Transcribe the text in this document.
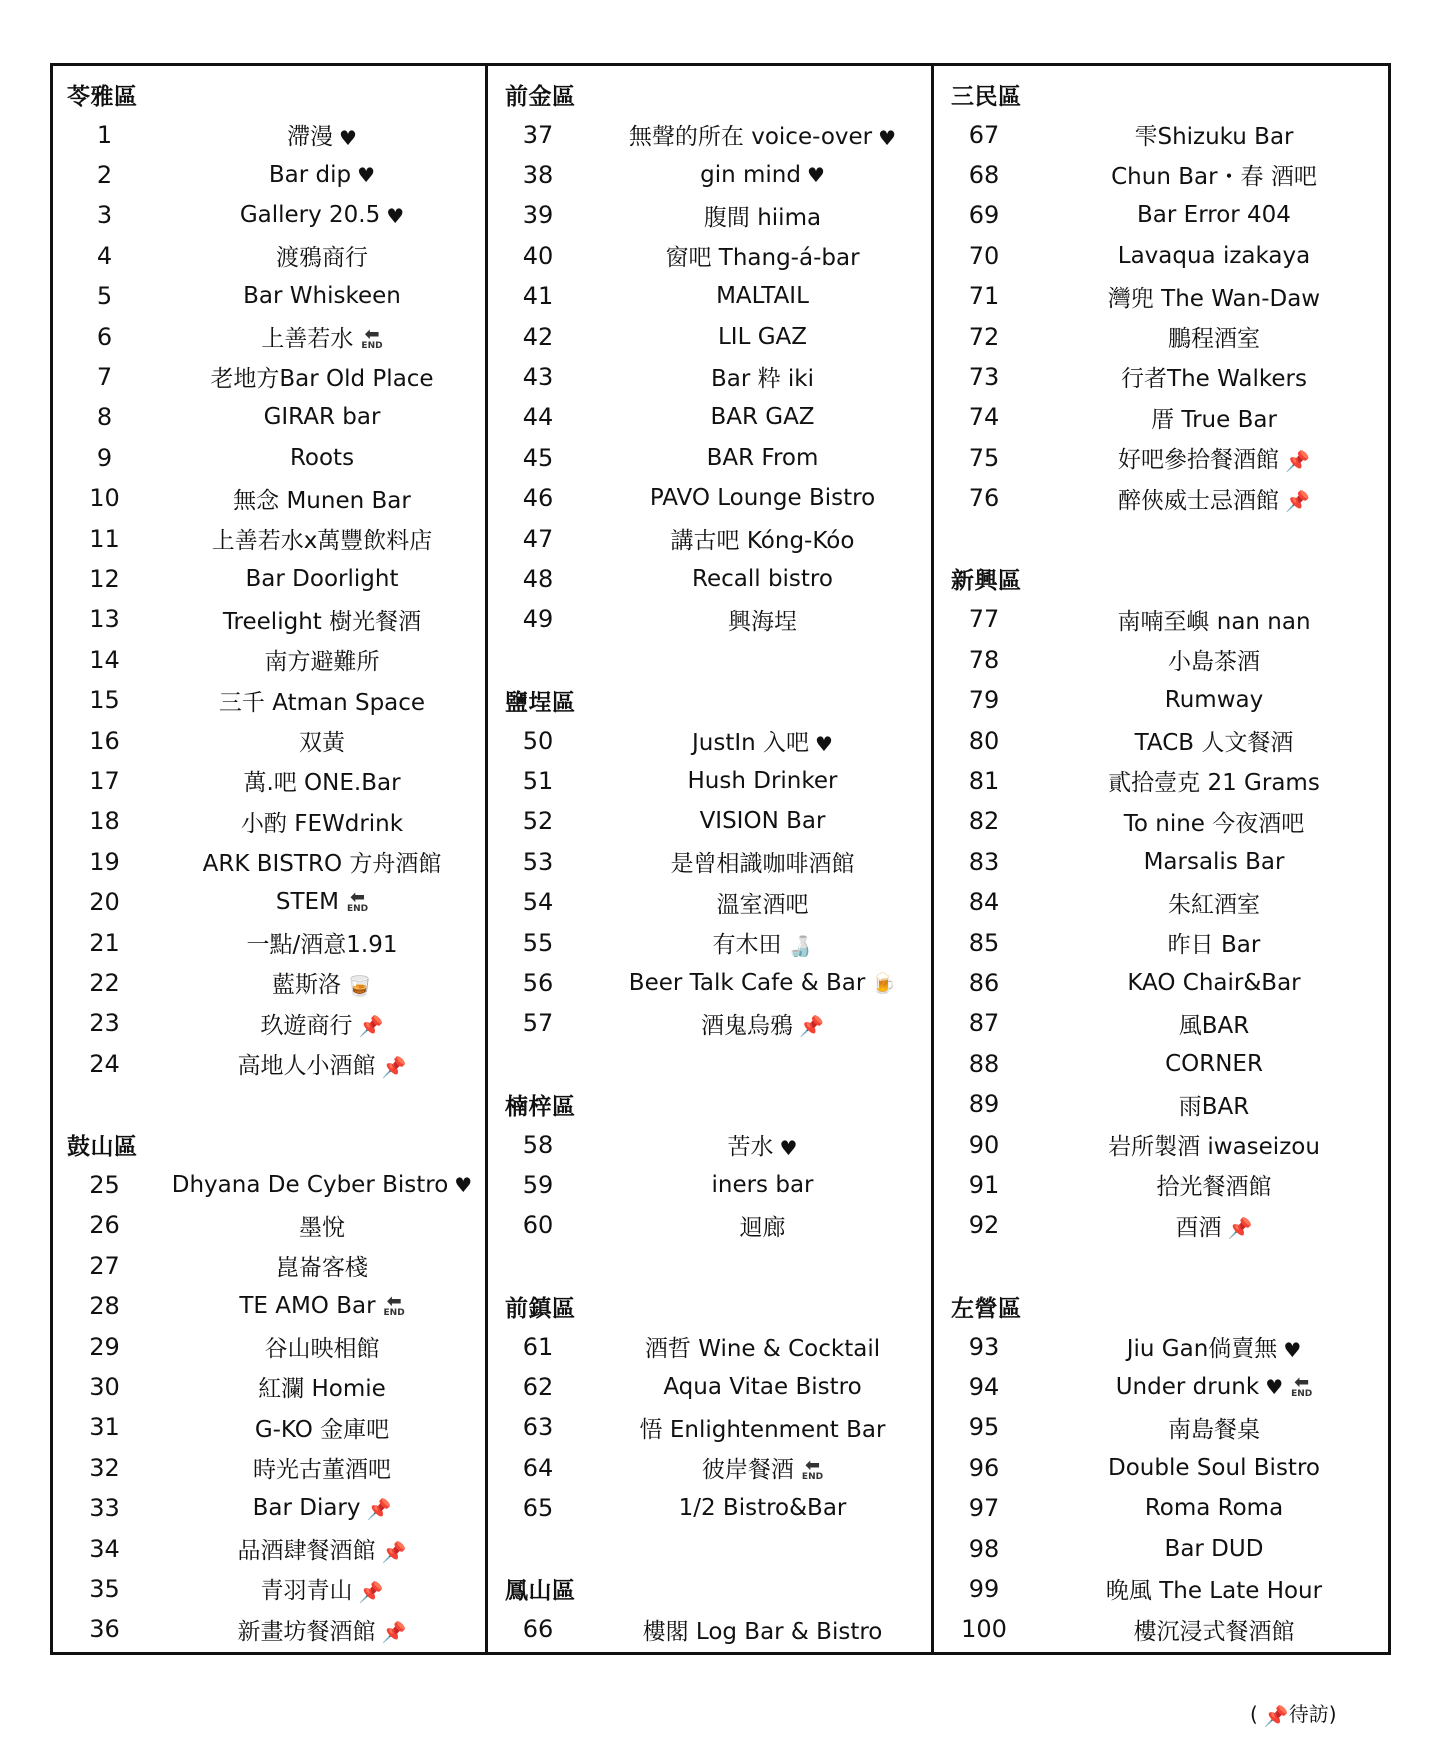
苓雅區
1	滯漫 ♥
2	Bar dip ♥
3	Gallery 20.5 ♥
4	渡鴉商行
5	Bar Whiskeen
6	上善若水 ⬅
END
7	老地方Bar Old Place
8	GIRAR bar
9	Roots
10	無念 Munen Bar
11	上善若水x萬豐飲料店
12	Bar Doorlight
13	Treelight 樹光餐酒
14	南方避難所
15	三千 Atman Space
16	双黃
17	萬.吧 ONE.Bar
18	小酌 FEWdrink
19	ARK BISTRO 方舟酒館
20	STEM ⬅
END
21	一點/酒意1.91
22	藍斯洛 🥃
23	玖遊商行 📌
24	高地人小酒館 📌
鼓山區
25	Dhyana De Cyber Bistro ♥
26	墨悅
27	崑崙客棧
28	TE AMO Bar ⬅
END
29	谷山映相館
30	紅瀾 Homie
31	G-KO 金庫吧
32	時光古董酒吧
33	Bar Diary 📌
34	品酒肆餐酒館 📌
35	青羽青山 📌
36	新畫坊餐酒館 📌
前金區
37	無聲的所在 voice-over ♥
38	gin mind ♥
39	腹間 hiima
40	窗吧 Thang-á-bar
41	MALTAIL
42	LIL GAZ
43	Bar 粋 iki
44	BAR GAZ
45	BAR From
46	PAVO Lounge Bistro
47	講古吧 Kóng-Kóo
48	Recall bistro
49	興海埕
鹽埕區
50	JustIn 入吧 ♥
51	Hush Drinker
52	VISION Bar
53	是曾相識咖啡酒館
54	溫室酒吧
55	有木田 🍶
56	Beer Talk Cafe & Bar 🍺
57	酒鬼烏鴉 📌
楠梓區
58	苦水 ♥
59	iners bar
60	迴廊
前鎮區
61	酒哲 Wine & Cocktail
62	Aqua Vitae Bistro
63	悟 Enlightenment Bar
64	彼岸餐酒 ⬅
END
65	1/2 Bistro&Bar
鳳山區
66	樓閣 Log Bar & Bistro
三民區
67	雫Shizuku Bar
68	Chun Bar・春 酒吧
69	Bar Error 404
70	Lavaqua izakaya
71	灣兜 The Wan-Daw
72	鵬程酒室
73	行者The Walkers
74	厝 True Bar
75	好吧參拾餐酒館 📌
76	醉俠威士忌酒館 📌
新興區
77	南喃至嶼 nan nan
78	小島茶酒
79	Rumway
80	TACB 人文餐酒
81	貳拾壹克 21 Grams
82	To nine 今夜酒吧
83	Marsalis Bar
84	朱紅酒室
85	昨日 Bar
86	KAO Chair&Bar
87	風BAR
88	CORNER
89	雨BAR
90	岩所製酒 iwaseizou
91	拾光餐酒館
92	酉酒 📌
左營區
93	Jiu Gan倘賣無 ♥
94	Under drunk ♥ ⬅
END
95	南島餐桌
96	Double Soul Bistro
97	Roma Roma
98	Bar DUD
99	晚風 The Late Hour
100	樓沉浸式餐酒館
( 📌待訪)
